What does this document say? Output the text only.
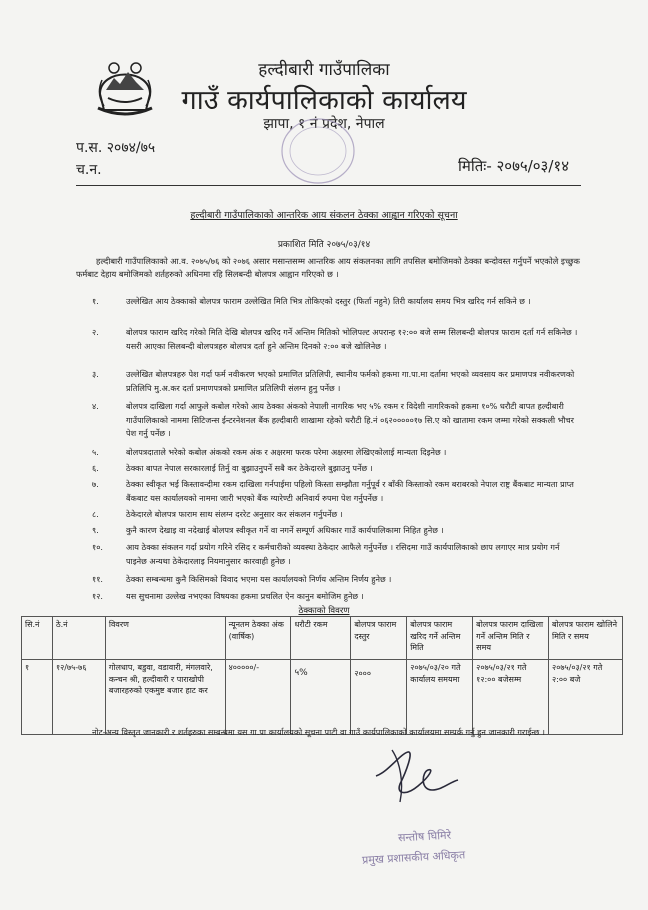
हल्दीबारी गाउँपालिका
गाउँ कार्यपालिकाको कार्यालय
झापा, १ नं प्रदेश, नेपाल
प.स. २०७४/७५
च.न.	मितिः- २०७५/०३/१४
हल्दीबारी गाउँपालिकाको आन्तरिक आय संकलन ठेक्का आह्वान गरिएको सूचना
प्रकाशित मिति २०७५/०३/१४
हल्दीबारी गाउँपालिकाको आ.व. २०७५/७६ को २०७६ असार मसान्तसम्म आन्तरिक आय संकलनका लागि तपसिल बमोजिमको ठेक्का बन्दोवस्त गर्नुपर्ने भएकोले इच्छुक फर्मबाट देहाय बमोजिमको शर्तहरुको अधिनमा रहि सिलबन्दी बोलपत्र आह्वान गरिएको छ ।
१.	उल्लेखित आय ठेक्काको बोलपत्र फाराम उल्लेखित मिति भित्र तोकिएको दस्तुर (फिर्ता नहुने) तिरी कार्यालय समय भित्र खरिद गर्न सकिने छ ।
२.	बोलपत्र फाराम खरिद गरेको मिति देखि बोलपत्र खरिद गर्ने अन्तिम मितिको भोलिपल्ट अपरान्ह १२:०० बजे सम्म सिलबन्दी बोलपत्र फाराम दर्ता गर्न सकिनेछ । यसरी आएका सिलबन्दी बोलपत्रहरु बोलपत्र दर्ता हुने अन्तिम दिनको २:०० बजे खोलिनेछ ।
३.	उल्लेखित बोलपत्रहरु पेश गर्दा फर्म नवीकरण भएको प्रमाणित प्रतिलिपी, स्थानीय फर्मको हकमा गा.पा.मा दर्तामा भएको व्यवसाय कर प्रमाणपत्र नवीकरणको प्रतिलिपि मु.अ.कर दर्ता प्रमाणपत्रको प्रमाणित प्रतिलिपी संलग्न हुनु पर्नेछ ।
४.	बोलपत्र दाखिला गर्दा आफुले कबोल गरेको आय ठेक्का अंकको नेपाली नागरिक भए ५% रकम र विदेशी नागरिकको हकमा १०% धरौटी बापत हल्दीबारी गाउँपालिकाको नाममा सिटिजन्स ईन्टरनेशनल बैंक हल्दीबारी शाखामा रहेको धरौटी हि.नं ०६२०००००१७ सि.ए को खातामा रकम जम्मा गरेको सक्कली भौचर पेश गर्नु पर्नेछ ।
५.	बोलपत्रदाताले भरेको कबोल अंकको रकम अंक र अक्षरमा फरक परेमा अक्षरमा लेखिएकोलाई मान्यता दिइनेछ ।
६.	ठेक्का बापत नेपाल सरकारलाई तिर्नु वा बुझाउनुपर्ने सबै कर ठेकेदारले बुझाउनु पर्नेछ ।
७.	ठेक्का स्वीकृत भई किस्तावन्दीमा रकम दाखिला गर्नपाईमा पहिलो किस्ता सम्झौता गर्नुपूर्व र बाँकी किस्ताको रकम बराबरको नेपाल राष्ट्र बैंकबाट मान्यता प्राप्त बैंकबाट यस कार्यालयको नाममा जारी भएको बैंक ग्यारेण्टी अनिवार्य रुपमा पेश गर्नुपर्नेछ ।
८.	ठेकेदारले बोलपत्र फाराम साथ संलग्न दररेट अनुसार कर संकलन गर्नुपर्नेछ ।
९.	कुनै कारण देखाइ वा नदेखाई बोलपत्र स्वीकृत गर्ने वा नगर्ने सम्पूर्ण अधिकार गाउँ कार्यपालिकामा निहित हुनेछ ।
१०.	आय ठेक्का संकलन गर्दा प्रयोग गरिने रसिद र कर्मचारीको व्यवस्था ठेकेदार आफैले गर्नुपर्नेछ । रसिदमा गाउँ कार्यपालिकाको छाप लगाएर मात्र प्रयोग गर्न पाइनेछ अन्यथा ठेकेदारलाइ नियमानुसार कारवाही हुनेछ ।
११.	ठेक्का सम्बन्धमा कुनै किसिमको विवाद भएमा यस कार्यालयको निर्णय अन्तिम निर्णय हुनेछ ।
१२.	यस सुचनामा उल्लेख नभएका विषयका हकमा प्रचलित ऐन कानुन बमोजिम हुनेछ ।
ठेक्काको विवरण
सि.नं	ठे.नं	विवरण	न्यूनतम ठेक्का अंक (वार्षिक)	धरौटी रकम	बोलपत्र फाराम दस्तुर	बोलपत्र फाराम खरिद गर्ने अन्तिम मिति	बोलपत्र फाराम दाखिला गर्ने अन्तिम मिति र समय	बोलपत्र फाराम खोलिने मिति र समय
१	१२/७५-७६	गोलधाप, बडुवा, वडावारी, मंगलवारे, कन्चन श्री, हल्दीवारी र पाराखोपी बजारहरुको एकमुष्ट बजार हाट कर	४०००००/-	५%	२०००	२०७५/०३/२० गते कार्यालय समयमा	२०७५/०३/२१ गते १२:०० बजेसम्म	२०७५/०३/२१ गते २:०० बजे
नोट-अन्य विस्तृत जानकारी र शर्तहरुका सम्बन्धमा यस गा.पा कार्यालयको सूचना पाटी वा गाउँ कार्यपालिकाको कार्यालयमा सम्पर्क गर्नु हुन जानकारी गराईन्छ ।
सन्तोष घिमिरे
प्रमुख प्रशासकीय अधिकृत
